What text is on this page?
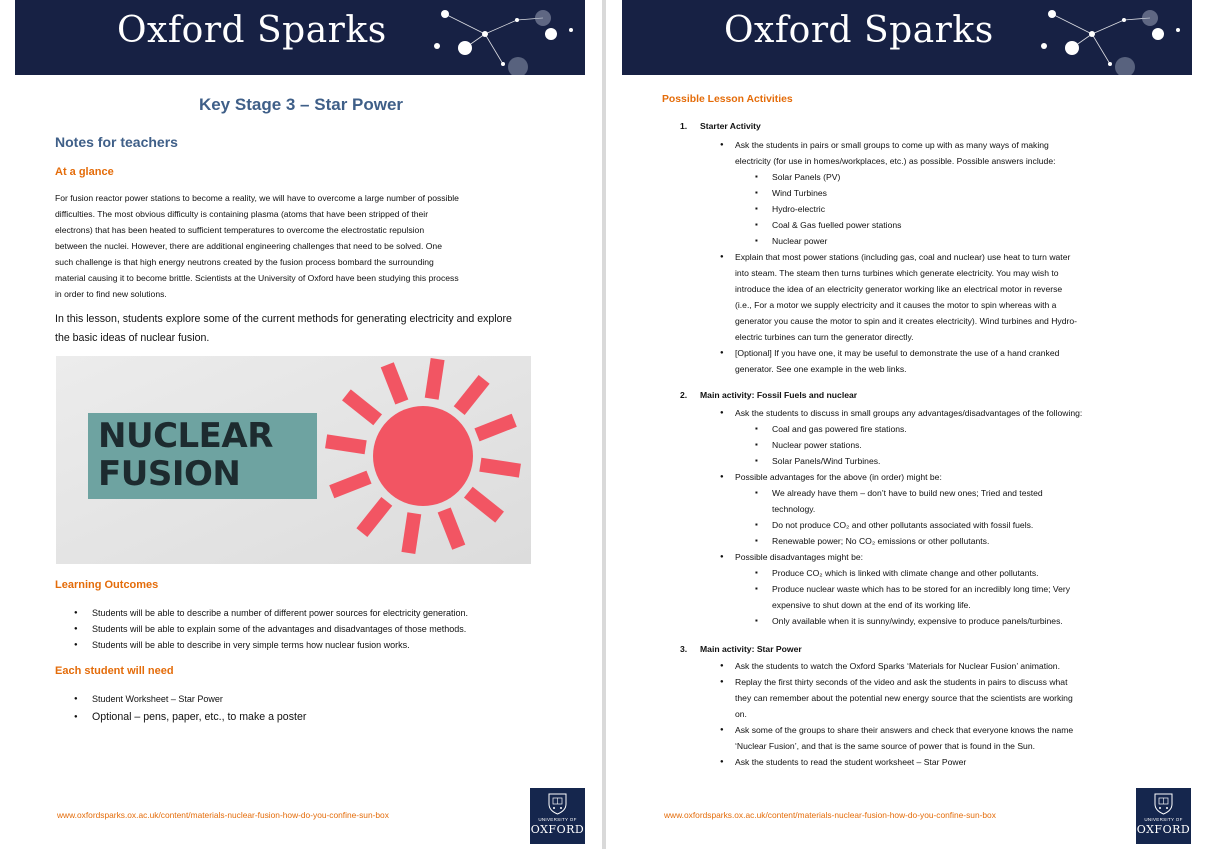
Oxford Sparks
Key Stage 3 – Star Power
Notes for teachers
At a glance
For fusion reactor power stations to become a reality, we will have to overcome a large number of possible
difficulties. The most obvious difficulty is containing plasma (atoms that have been stripped of their
electrons) that has been heated to sufficient temperatures to overcome the electrostatic repulsion
between the nuclei. However, there are additional engineering challenges that need to be solved. One
such challenge is that high energy neutrons created by the fusion process bombard the surrounding
material causing it to become brittle. Scientists at the University of Oxford have been studying this process
in order to find new solutions.
In this lesson, students explore some of the current methods for generating electricity and explore
the basic ideas of nuclear fusion.
NUCLEAR
FUSION
Learning Outcomes
● Students will be able to describe a number of different power sources for electricity generation.
● Students will be able to explain some of the advantages and disadvantages of those methods.
● Students will be able to describe in very simple terms how nuclear fusion works.
Each student will need
● Student Worksheet – Star Power
● Optional – pens, paper, etc., to make a poster
www.oxfordsparks.ox.ac.uk/content/materials-nuclear-fusion-how-do-you-confine-sun-box	UNIVERSITY OF
OXFORD
Oxford Sparks
Possible Lesson Activities
1. Starter Activity
● Ask the students in pairs or small groups to come up with as many ways of making
electricity (for use in homes/workplaces, etc.) as possible. Possible answers include:
▪ Solar Panels (PV)
▪ Wind Turbines
▪ Hydro-electric
▪ Coal & Gas fuelled power stations
▪ Nuclear power
● Explain that most power stations (including gas, coal and nuclear) use heat to turn water
into steam. The steam then turns turbines which generate electricity. You may wish to
introduce the idea of an electricity generator working like an electrical motor in reverse
(i.e., For a motor we supply electricity and it causes the motor to spin whereas with a
generator you cause the motor to spin and it creates electricity). Wind turbines and Hydro-
electric turbines can turn the generator directly.
● [Optional] If you have one, it may be useful to demonstrate the use of a hand cranked
generator. See one example in the web links.
2. Main activity: Fossil Fuels and nuclear
● Ask the students to discuss in small groups any advantages/disadvantages of the following:
▪ Coal and gas powered fire stations.
▪ Nuclear power stations.
▪ Solar Panels/Wind Turbines.
● Possible advantages for the above (in order) might be:
▪ We already have them – don’t have to build new ones; Tried and tested
technology.
▪ Do not produce CO₂ and other pollutants associated with fossil fuels.
▪ Renewable power; No CO₂ emissions or other pollutants.
● Possible disadvantages might be:
▪ Produce CO₂ which is linked with climate change and other pollutants.
▪ Produce nuclear waste which has to be stored for an incredibly long time; Very
expensive to shut down at the end of its working life.
▪ Only available when it is sunny/windy, expensive to produce panels/turbines.
3. Main activity: Star Power
● Ask the students to watch the Oxford Sparks ‘Materials for Nuclear Fusion’ animation.
● Replay the first thirty seconds of the video and ask the students in pairs to discuss what
they can remember about the potential new energy source that the scientists are working
on.
● Ask some of the groups to share their answers and check that everyone knows the name
‘Nuclear Fusion’, and that is the same source of power that is found in the Sun.
● Ask the students to read the student worksheet – Star Power
www.oxfordsparks.ox.ac.uk/content/materials-nuclear-fusion-how-do-you-confine-sun-box	UNIVERSITY OF
OXFORD
